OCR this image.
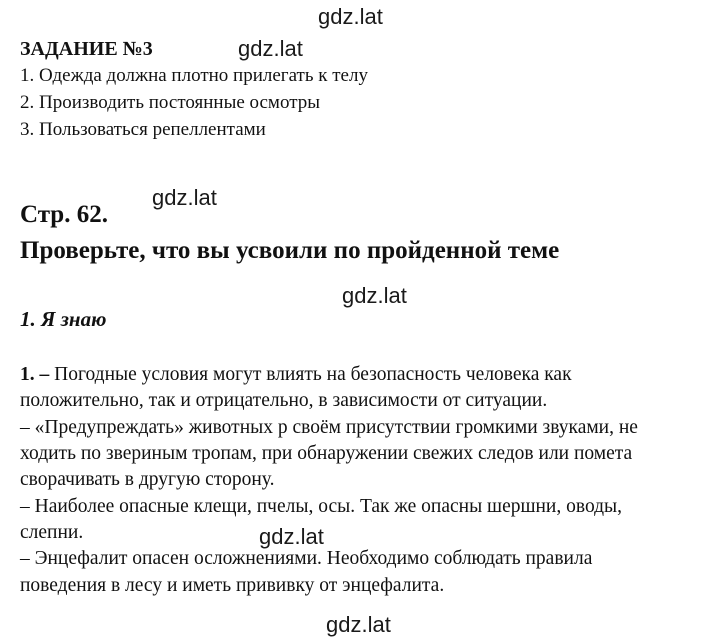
gdz.lat
gdz.lat
gdz.lat
gdz.lat
gdz.lat
gdz.lat
ЗАДАНИЕ №3
1. Одежда должна плотно прилегать к телу
2. Производить постоянные осмотры
3. Пользоваться репеллентами
Стр. 62.
Проверьте, что вы усвоили по пройденной теме
1. Я знаю
1. – Погодные условия могут влиять на безопасность человека как
положительно, так и отрицательно, в зависимости от ситуации.
– «Предупреждать» животных р своём присутствии громкими звуками, не
ходить по звериным тропам, при обнаружении свежих следов или помета
сворачивать в другую сторону.
– Наиболее опасные клещи, пчелы, осы. Так же опасны шершни, оводы,
слепни.
– Энцефалит опасен осложнениями. Необходимо соблюдать правила
поведения в лесу и иметь прививку от энцефалита.
